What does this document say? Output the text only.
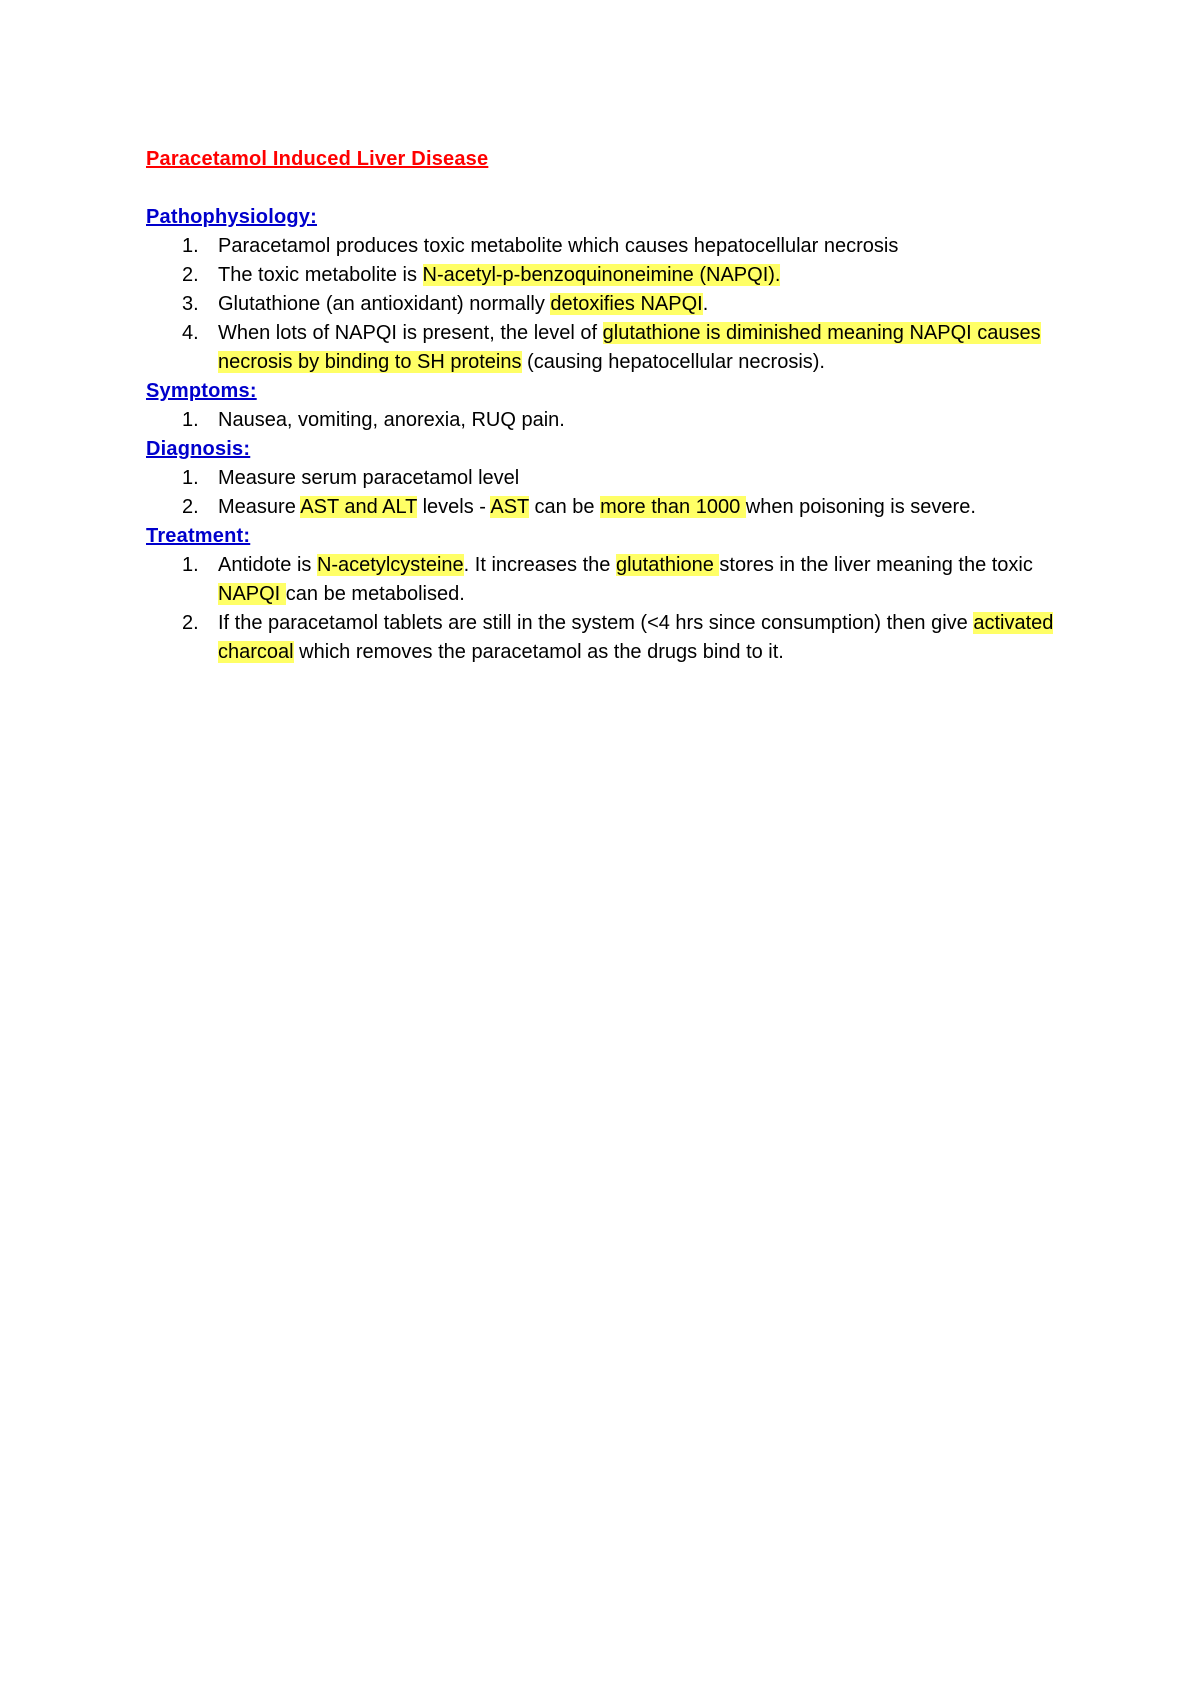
Paracetamol Induced Liver Disease
Pathophysiology:
1. Paracetamol produces toxic metabolite which causes hepatocellular necrosis
2. The toxic metabolite is N-acetyl-p-benzoquinoneimine (NAPQI).
3. Glutathione (an antioxidant) normally detoxifies NAPQI.
4. When lots of NAPQI is present, the level of glutathione is diminished meaning NAPQI causes necrosis by binding to SH proteins (causing hepatocellular necrosis).
Symptoms:
1. Nausea, vomiting, anorexia, RUQ pain.
Diagnosis:
1. Measure serum paracetamol level
2. Measure AST and ALT levels - AST can be more than 1000 when poisoning is severe.
Treatment:
1. Antidote is N-acetylcysteine. It increases the glutathione stores in the liver meaning the toxic NAPQI can be metabolised.
2. If the paracetamol tablets are still in the system (<4 hrs since consumption) then give activated charcoal which removes the paracetamol as the drugs bind to it.
